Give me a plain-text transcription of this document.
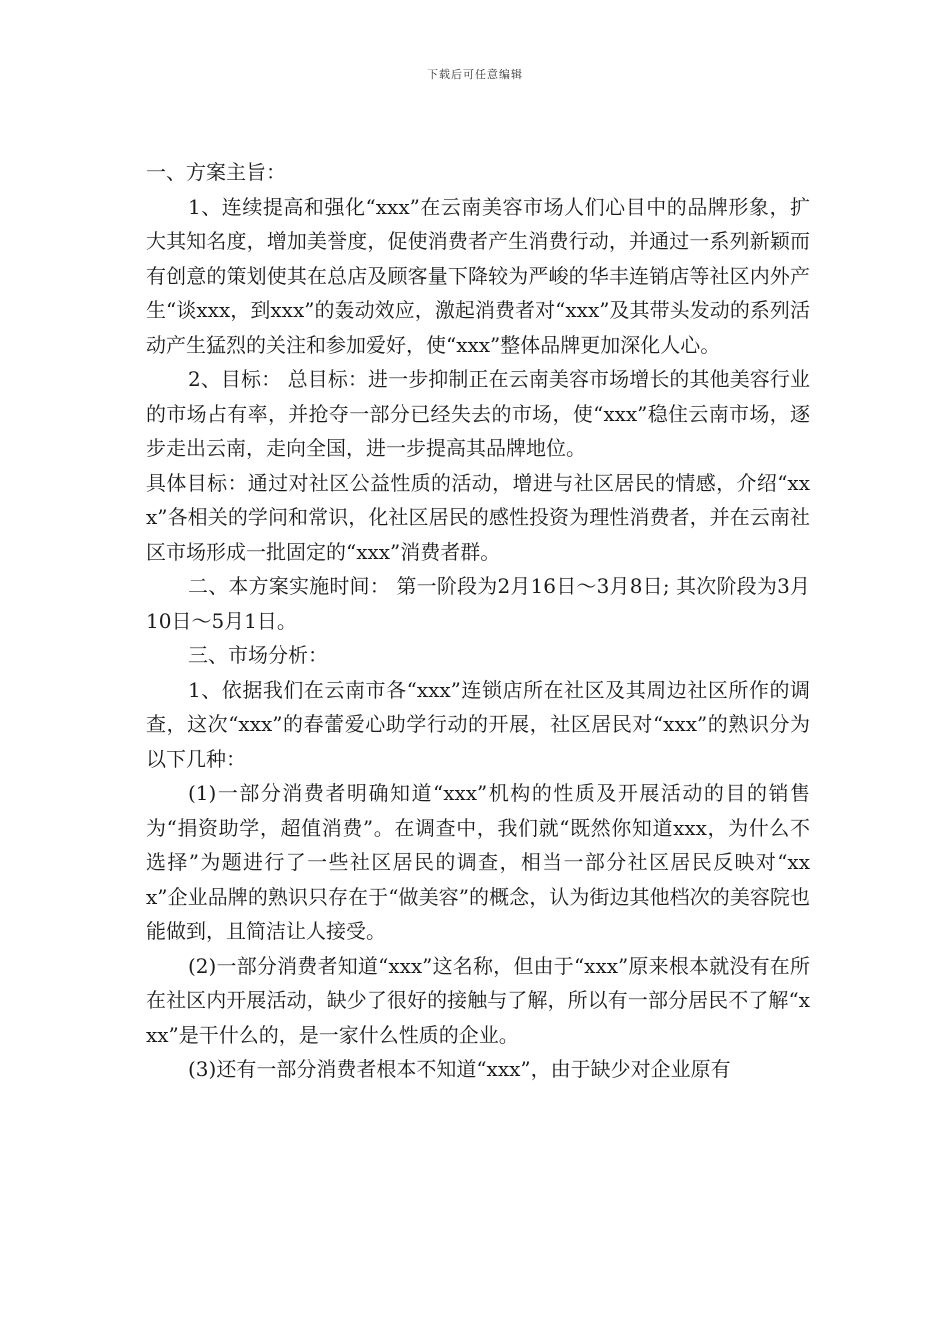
下载后可任意编辑

一、方案主旨：

1、连续提高和强化“xxx”在云南美容市场人们心目中的品牌形象，扩大其知名度，增加美誉度，促使消费者产生消费行动，并通过一系列新颖而有创意的策划使其在总店及顾客量下降较为严峻的华丰连销店等社区内外产生“谈xxx，到xxx”的轰动效应，激起消费者对“xxx”及其带头发动的系列活动产生猛烈的关注和参加爱好，使“xxx”整体品牌更加深化人心。

2、目标： 总目标：进一步抑制正在云南美容市场增长的其他美容行业的市场占有率，并抢夺一部分已经失去的市场，使“xxx”稳住云南市场，逐步走出云南，走向全国，进一步提高其品牌地位。

具体目标：通过对社区公益性质的活动，增进与社区居民的情感，介绍“xxx”各相关的学问和常识，化社区居民的感性投资为理性消费者，并在云南社区市场形成一批固定的“xxx”消费者群。

二、本方案实施时间： 第一阶段为2月16日～3月8日; 其次阶段为3月10日～5月1日。

三、市场分析：

1、依据我们在云南市各“xxx”连锁店所在社区及其周边社区所作的调查，这次“xxx”的春蕾爱心助学行动的开展，社区居民对“xxx”的熟识分为以下几种：

(1)一部分消费者明确知道“xxx”机构的性质及开展活动的目的销售为“捐资助学，超值消费”。在调查中，我们就“既然你知道xxx，为什么不选择”为题进行了一些社区居民的调查，相当一部分社区居民反映对“xxx”企业品牌的熟识只存在于“做美容”的概念，认为街边其他档次的美容院也能做到，且简洁让人接受。

(2)一部分消费者知道“xxx”这名称，但由于“xxx”原来根本就没有在所在社区内开展活动，缺少了很好的接触与了解，所以有一部分居民不了解“xxx”是干什么的，是一家什么性质的企业。

(3)还有一部分消费者根本不知道“xxx”，由于缺少对企业原有
